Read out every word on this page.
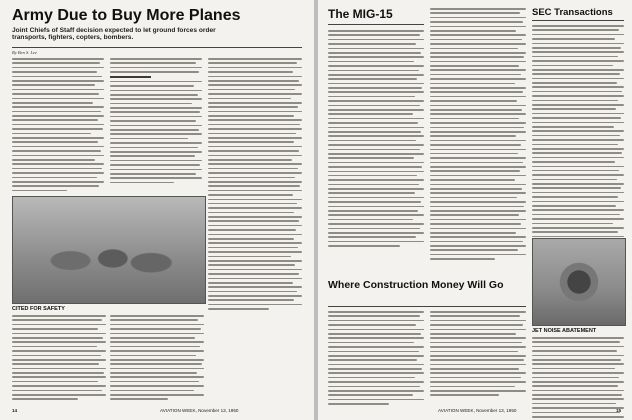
Army Due to Buy More Planes
Joint Chiefs of Staff decision expected to let ground forces order transports, fighters, copters, bombers.
By Ben S. Lee
CITED FOR SAFETY
14	AVIATION WEEK, November 13, 1950
The MIG-15
Where Construction Money Will Go
SEC Transactions
JET NOISE ABATEMENT
AVIATION WEEK, November 13, 1950	15
